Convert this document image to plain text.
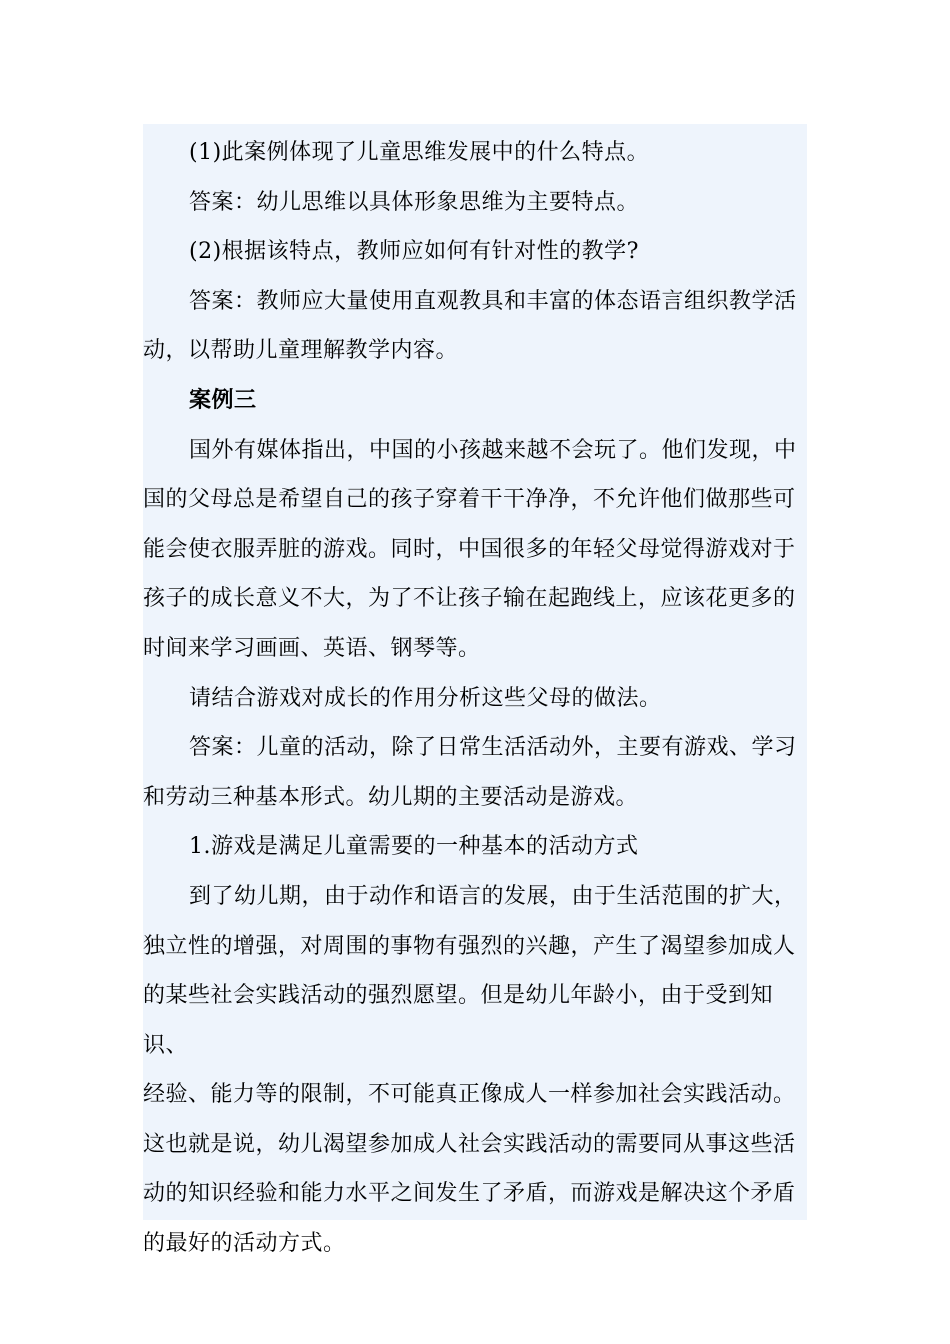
(1)此案例体现了儿童思维发展中的什么特点。
答案：幼儿思维以具体形象思维为主要特点。
(2)根据该特点，教师应如何有针对性的教学?
答案：教师应大量使用直观教具和丰富的体态语言组织教学活
动，以帮助儿童理解教学内容。
案例三
国外有媒体指出，中国的小孩越来越不会玩了。他们发现，中
国的父母总是希望自己的孩子穿着干干净净，不允许他们做那些可
能会使衣服弄脏的游戏。同时，中国很多的年轻父母觉得游戏对于
孩子的成长意义不大，为了不让孩子输在起跑线上，应该花更多的
时间来学习画画、英语、钢琴等。
请结合游戏对成长的作用分析这些父母的做法。
答案：儿童的活动，除了日常生活活动外，主要有游戏、学习
和劳动三种基本形式。幼儿期的主要活动是游戏。
1.游戏是满足儿童需要的一种基本的活动方式
到了幼儿期，由于动作和语言的发展，由于生活范围的扩大，
独立性的增强，对周围的事物有强烈的兴趣，产生了渴望参加成人
的某些社会实践活动的强烈愿望。但是幼儿年龄小，由于受到知识、
经验、能力等的限制，不可能真正像成人一样参加社会实践活动。
这也就是说，幼儿渴望参加成人社会实践活动的需要同从事这些活
动的知识经验和能力水平之间发生了矛盾，而游戏是解决这个矛盾
的最好的活动方式。
